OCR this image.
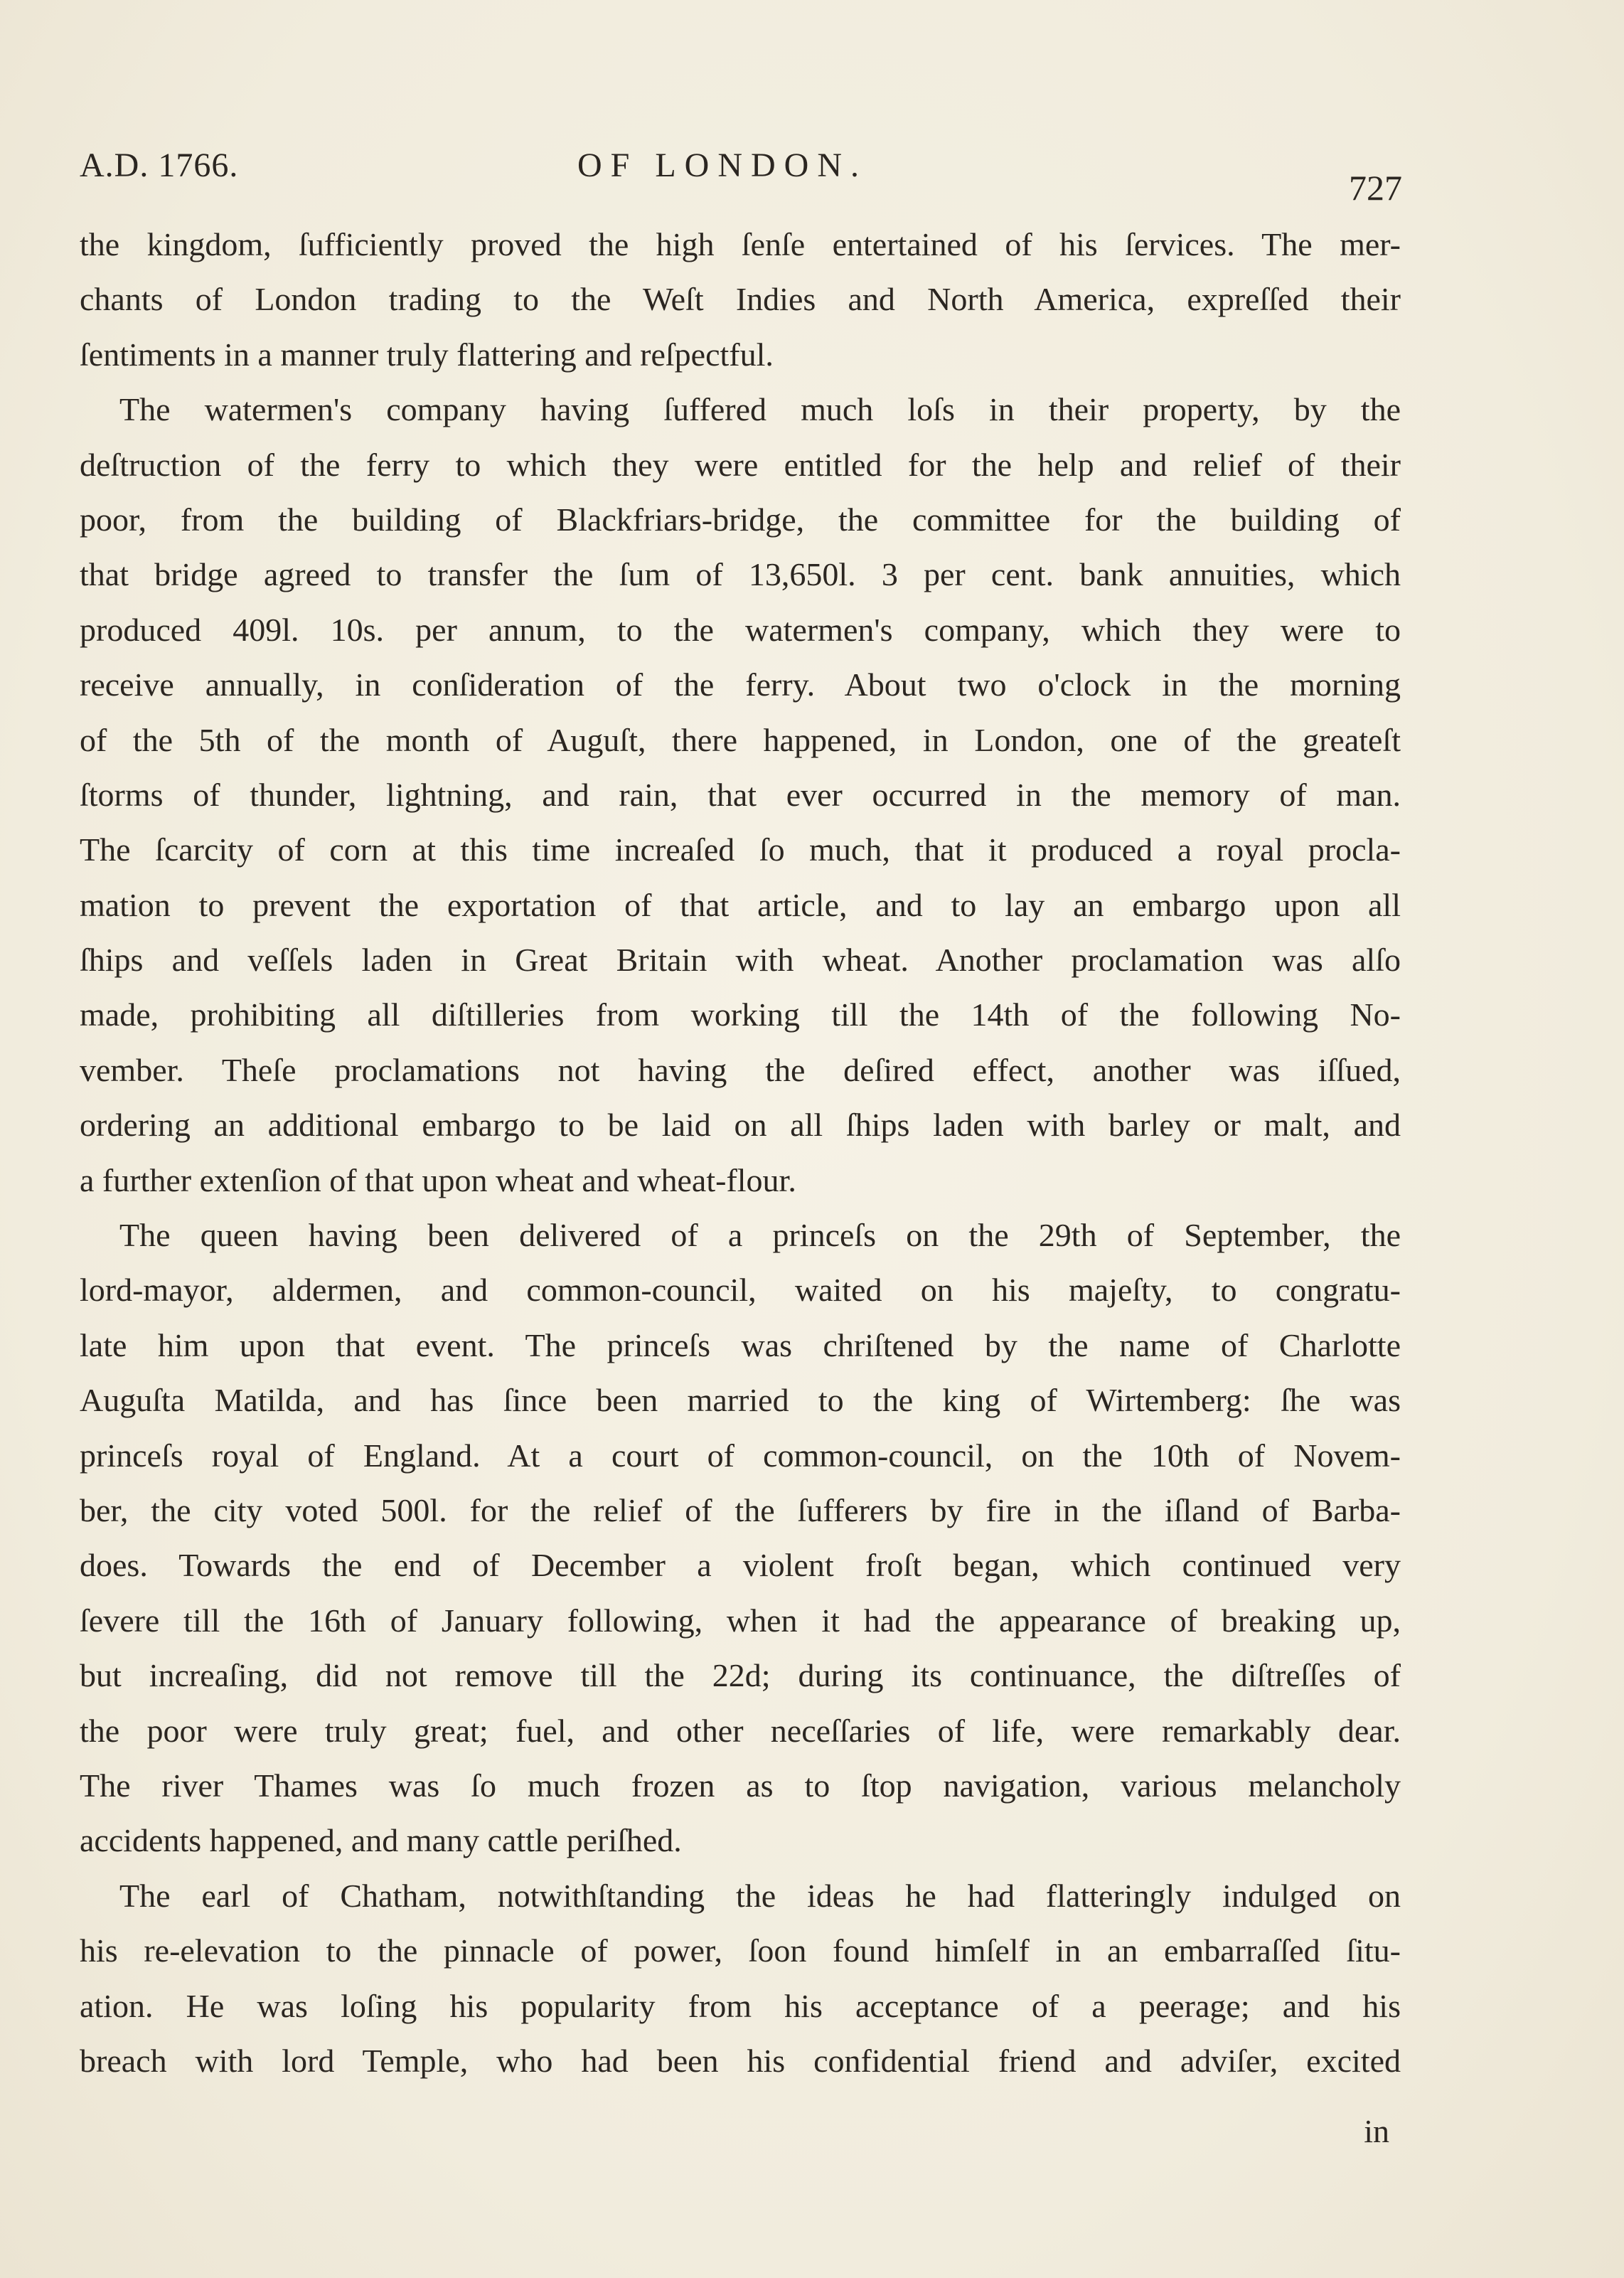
A.D. 1766.	OF LONDON.
727
the kingdom, ſufficiently proved the high ſenſe entertained of his ſervices. The mer-
chants of London trading to the Weſt Indies and North America, expreſſed their
ſentiments in a manner truly flattering and reſpectful.
The watermen's company having ſuffered much loſs in their property, by the
deſtruction of the ferry to which they were entitled for the help and relief of their
poor, from the building of Blackfriars-bridge, the committee for the building of
that bridge agreed to transfer the ſum of 13,650l. 3 per cent. bank annuities, which
produced 409l. 10s. per annum, to the watermen's company, which they were to
receive annually, in conſideration of the ferry. About two o'clock in the morning
of the 5th of the month of Auguſt, there happened, in London, one of the greateſt
ſtorms of thunder, lightning, and rain, that ever occurred in the memory of man.
The ſcarcity of corn at this time increaſed ſo much, that it produced a royal procla-
mation to prevent the exportation of that article, and to lay an embargo upon all
ſhips and veſſels laden in Great Britain with wheat. Another proclamation was alſo
made, prohibiting all diſtilleries from working till the 14th of the following No-
vember. Theſe proclamations not having the deſired effect, another was iſſued,
ordering an additional embargo to be laid on all ſhips laden with barley or malt, and
a further extenſion of that upon wheat and wheat-flour.
The queen having been delivered of a princeſs on the 29th of September, the
lord-mayor, aldermen, and common-council, waited on his majeſty, to congratu-
late him upon that event. The princeſs was chriſtened by the name of Charlotte
Auguſta Matilda, and has ſince been married to the king of Wirtemberg: ſhe was
princeſs royal of England. At a court of common-council, on the 10th of Novem-
ber, the city voted 500l. for the relief of the ſufferers by fire in the iſland of Barba-
does. Towards the end of December a violent froſt began, which continued very
ſevere till the 16th of January following, when it had the appearance of breaking up,
but increaſing, did not remove till the 22d; during its continuance, the diſtreſſes of
the poor were truly great; fuel, and other neceſſaries of life, were remarkably dear.
The river Thames was ſo much frozen as to ſtop navigation, various melancholy
accidents happened, and many cattle periſhed.
The earl of Chatham, notwithſtanding the ideas he had flatteringly indulged on
his re-elevation to the pinnacle of power, ſoon found himſelf in an embarraſſed ſitu-
ation. He was loſing his popularity from his acceptance of a peerage; and his
breach with lord Temple, who had been his confidential friend and adviſer, excited
in
